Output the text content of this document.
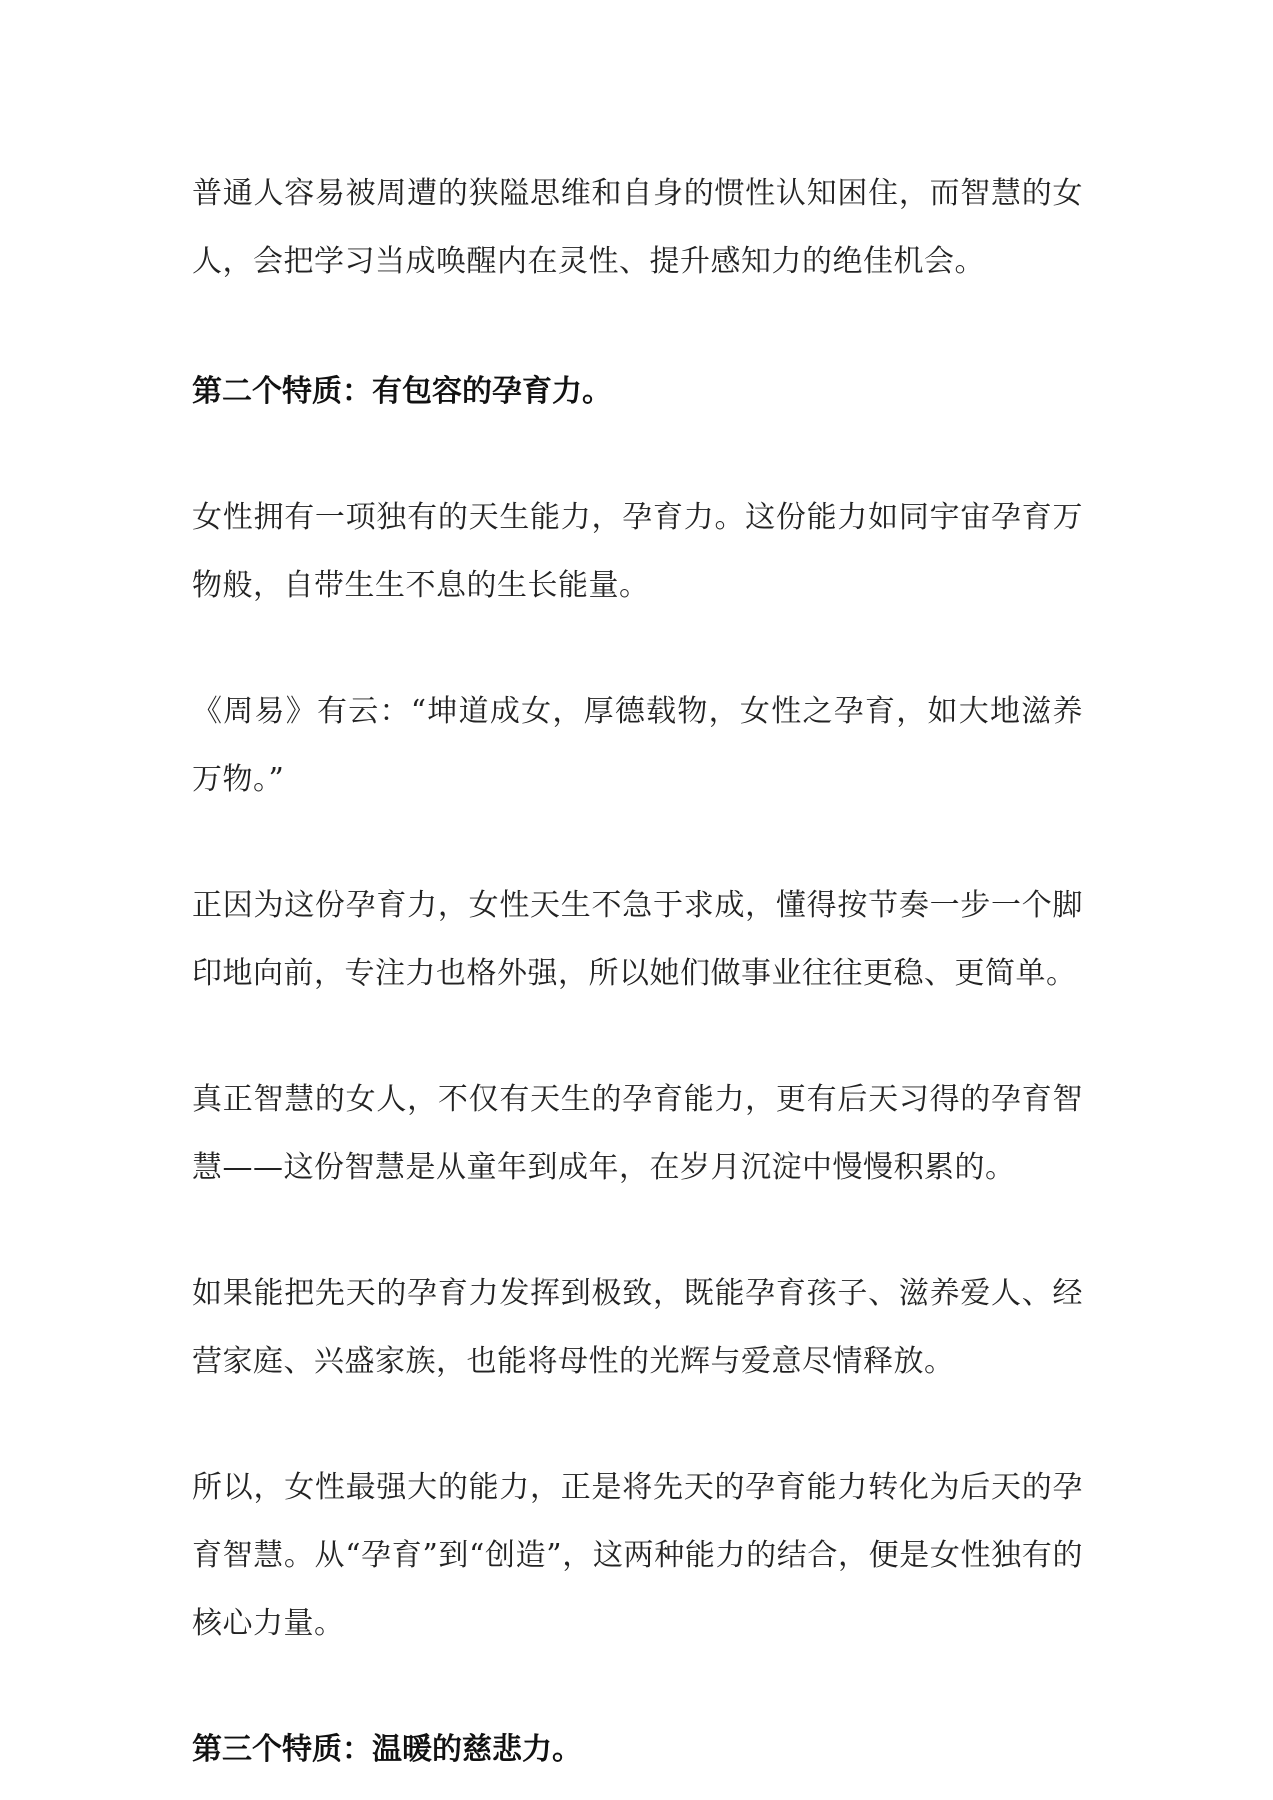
普通人容易被周遭的狭隘思维和自身的惯性认知困住，而智慧的女人，会把学习当成唤醒内在灵性、提升感知力的绝佳机会。

第二个特质：有包容的孕育力。

女性拥有一项独有的天生能力，孕育力。这份能力如同宇宙孕育万物般，自带生生不息的生长能量。

《周易》有云：“坤道成女，厚德载物，女性之孕育，如大地滋养万物。”

正因为这份孕育力，女性天生不急于求成，懂得按节奏一步一个脚印地向前，专注力也格外强，所以她们做事业往往更稳、更简单。

真正智慧的女人，不仅有天生的孕育能力，更有后天习得的孕育智慧——这份智慧是从童年到成年，在岁月沉淀中慢慢积累的。

如果能把先天的孕育力发挥到极致，既能孕育孩子、滋养爱人、经营家庭、兴盛家族，也能将母性的光辉与爱意尽情释放。

所以，女性最强大的能力，正是将先天的孕育能力转化为后天的孕育智慧。从“孕育”到“创造”，这两种能力的结合，便是女性独有的核心力量。

第三个特质：温暖的慈悲力。
